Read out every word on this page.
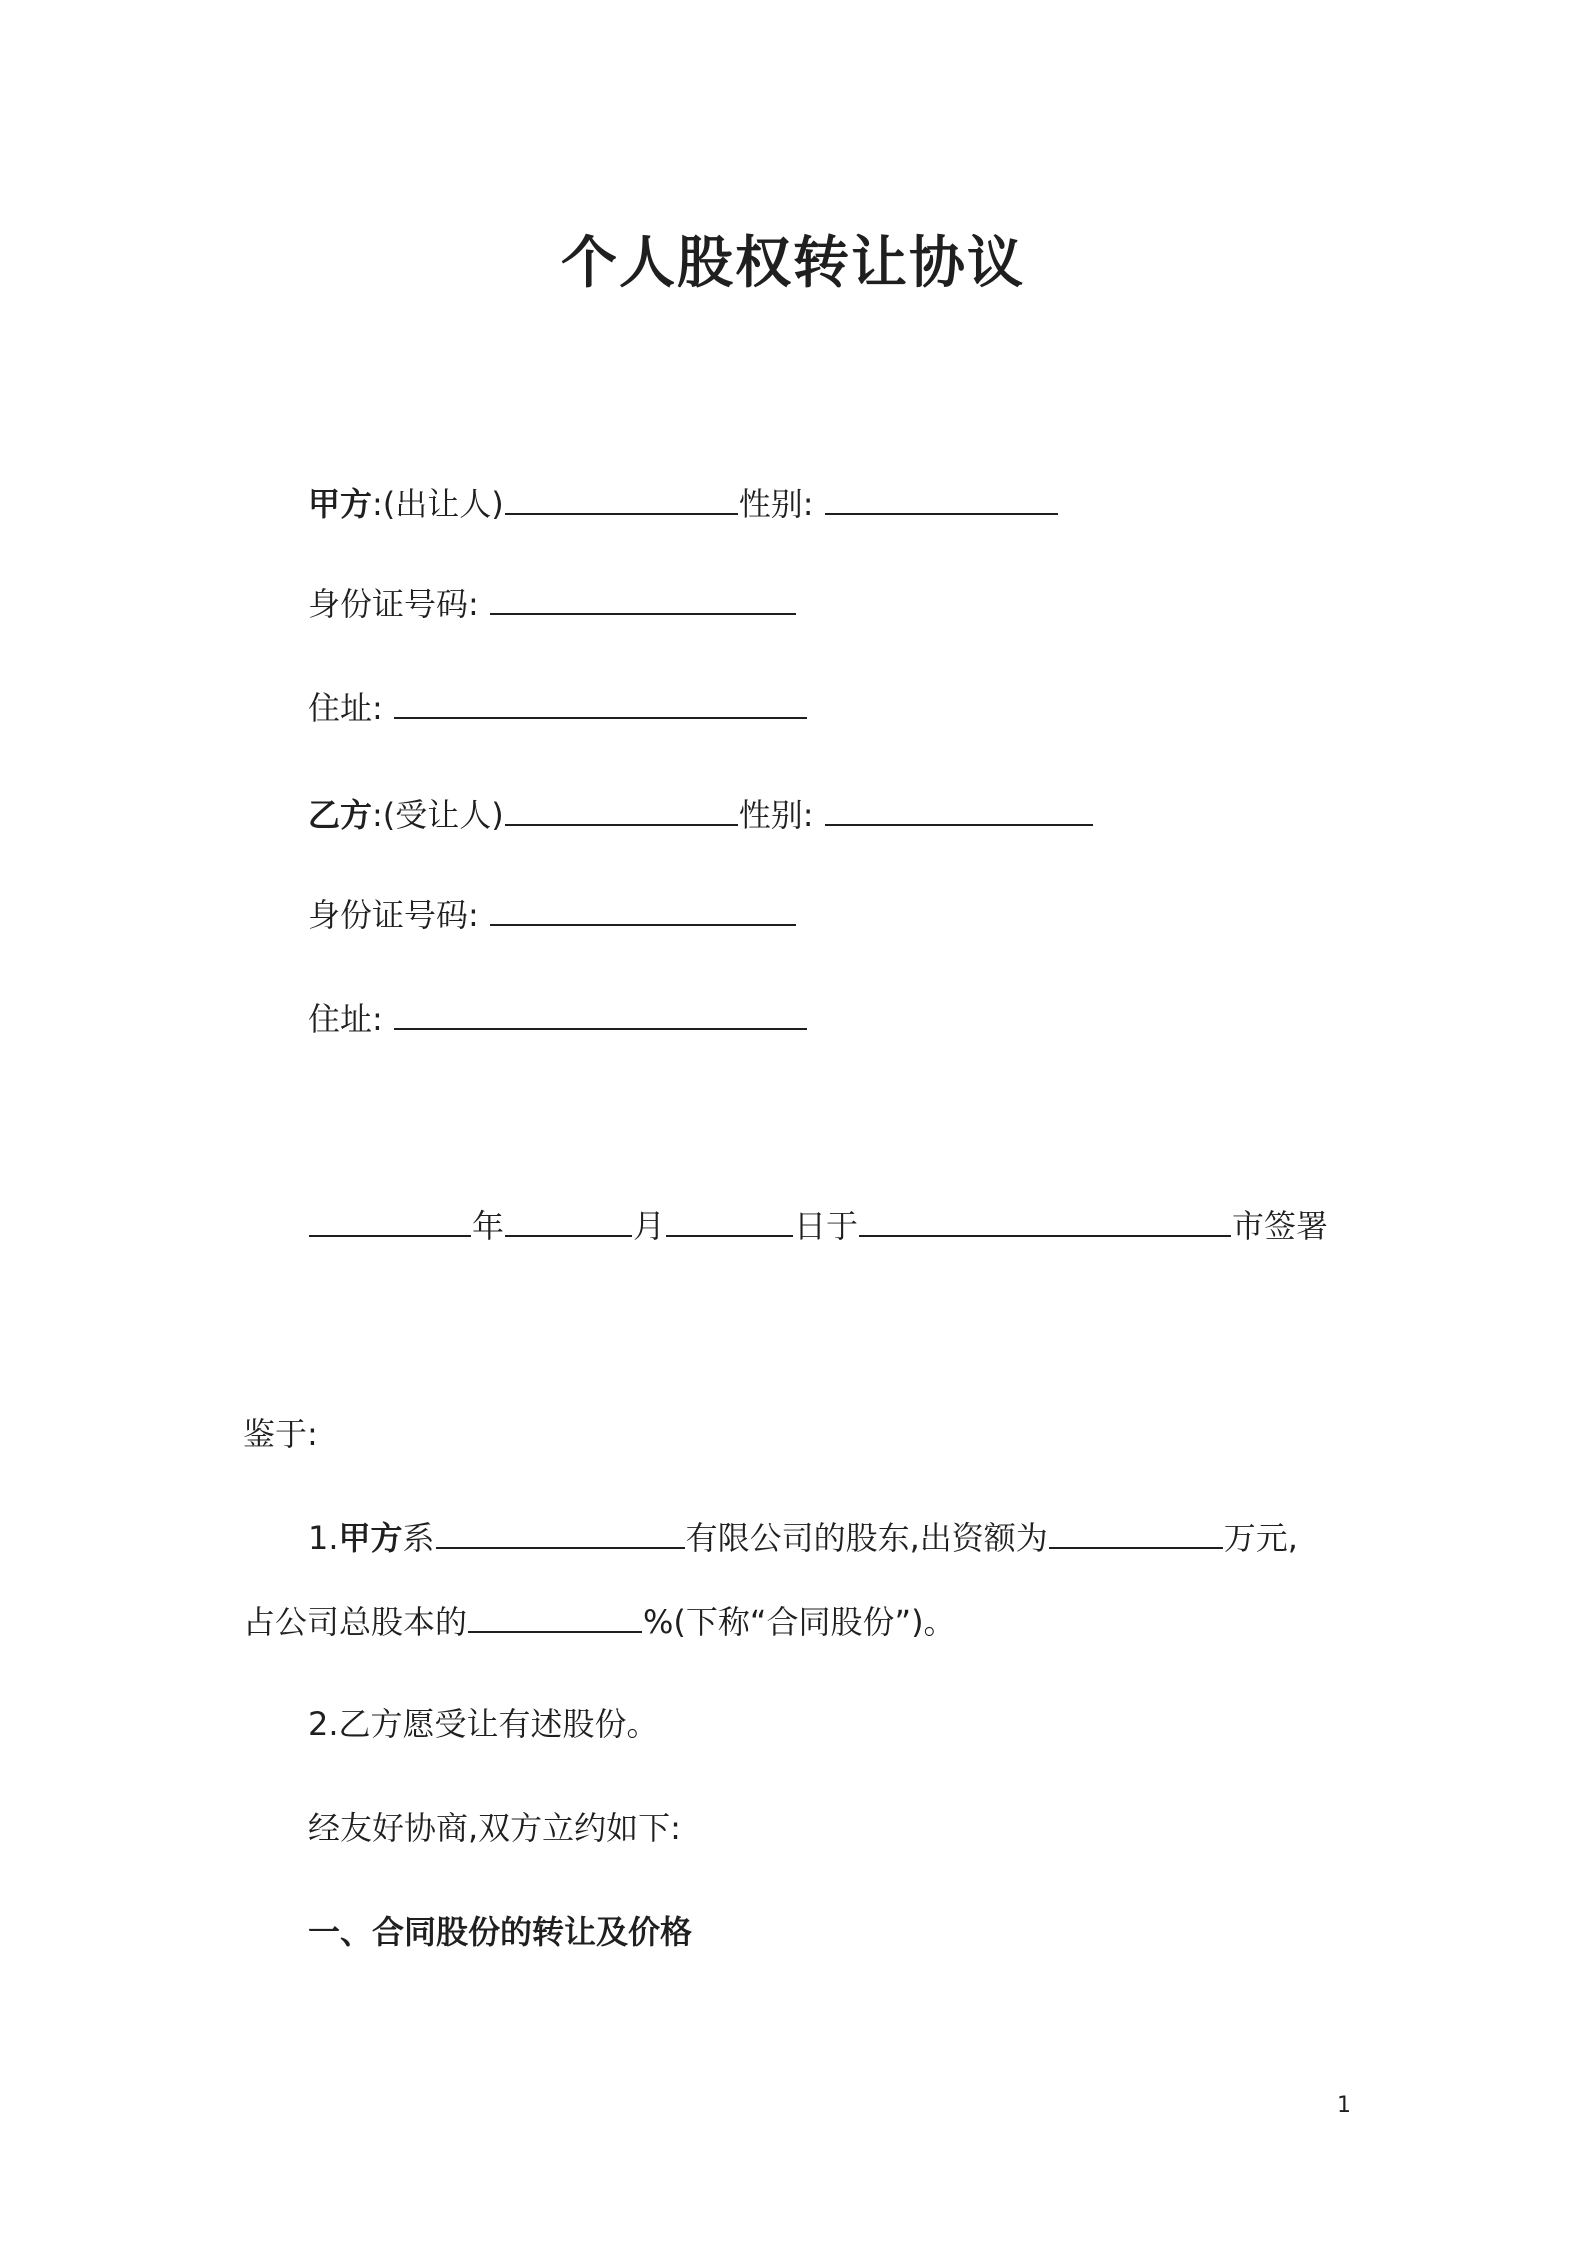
个人股权转让协议
甲方:(出让人)	性别:
身份证号码:
住址:
乙方:(受让人)	性别:
身份证号码:
住址:
年	月	日于	市签署
鉴于:
1.甲方系	有限公司的股东,出资额为	万元,
占公司总股本的	%(下称“合同股份”)。
2.乙方愿受让有述股份。
经友好协商,双方立约如下:
一、合同股份的转让及价格
1
